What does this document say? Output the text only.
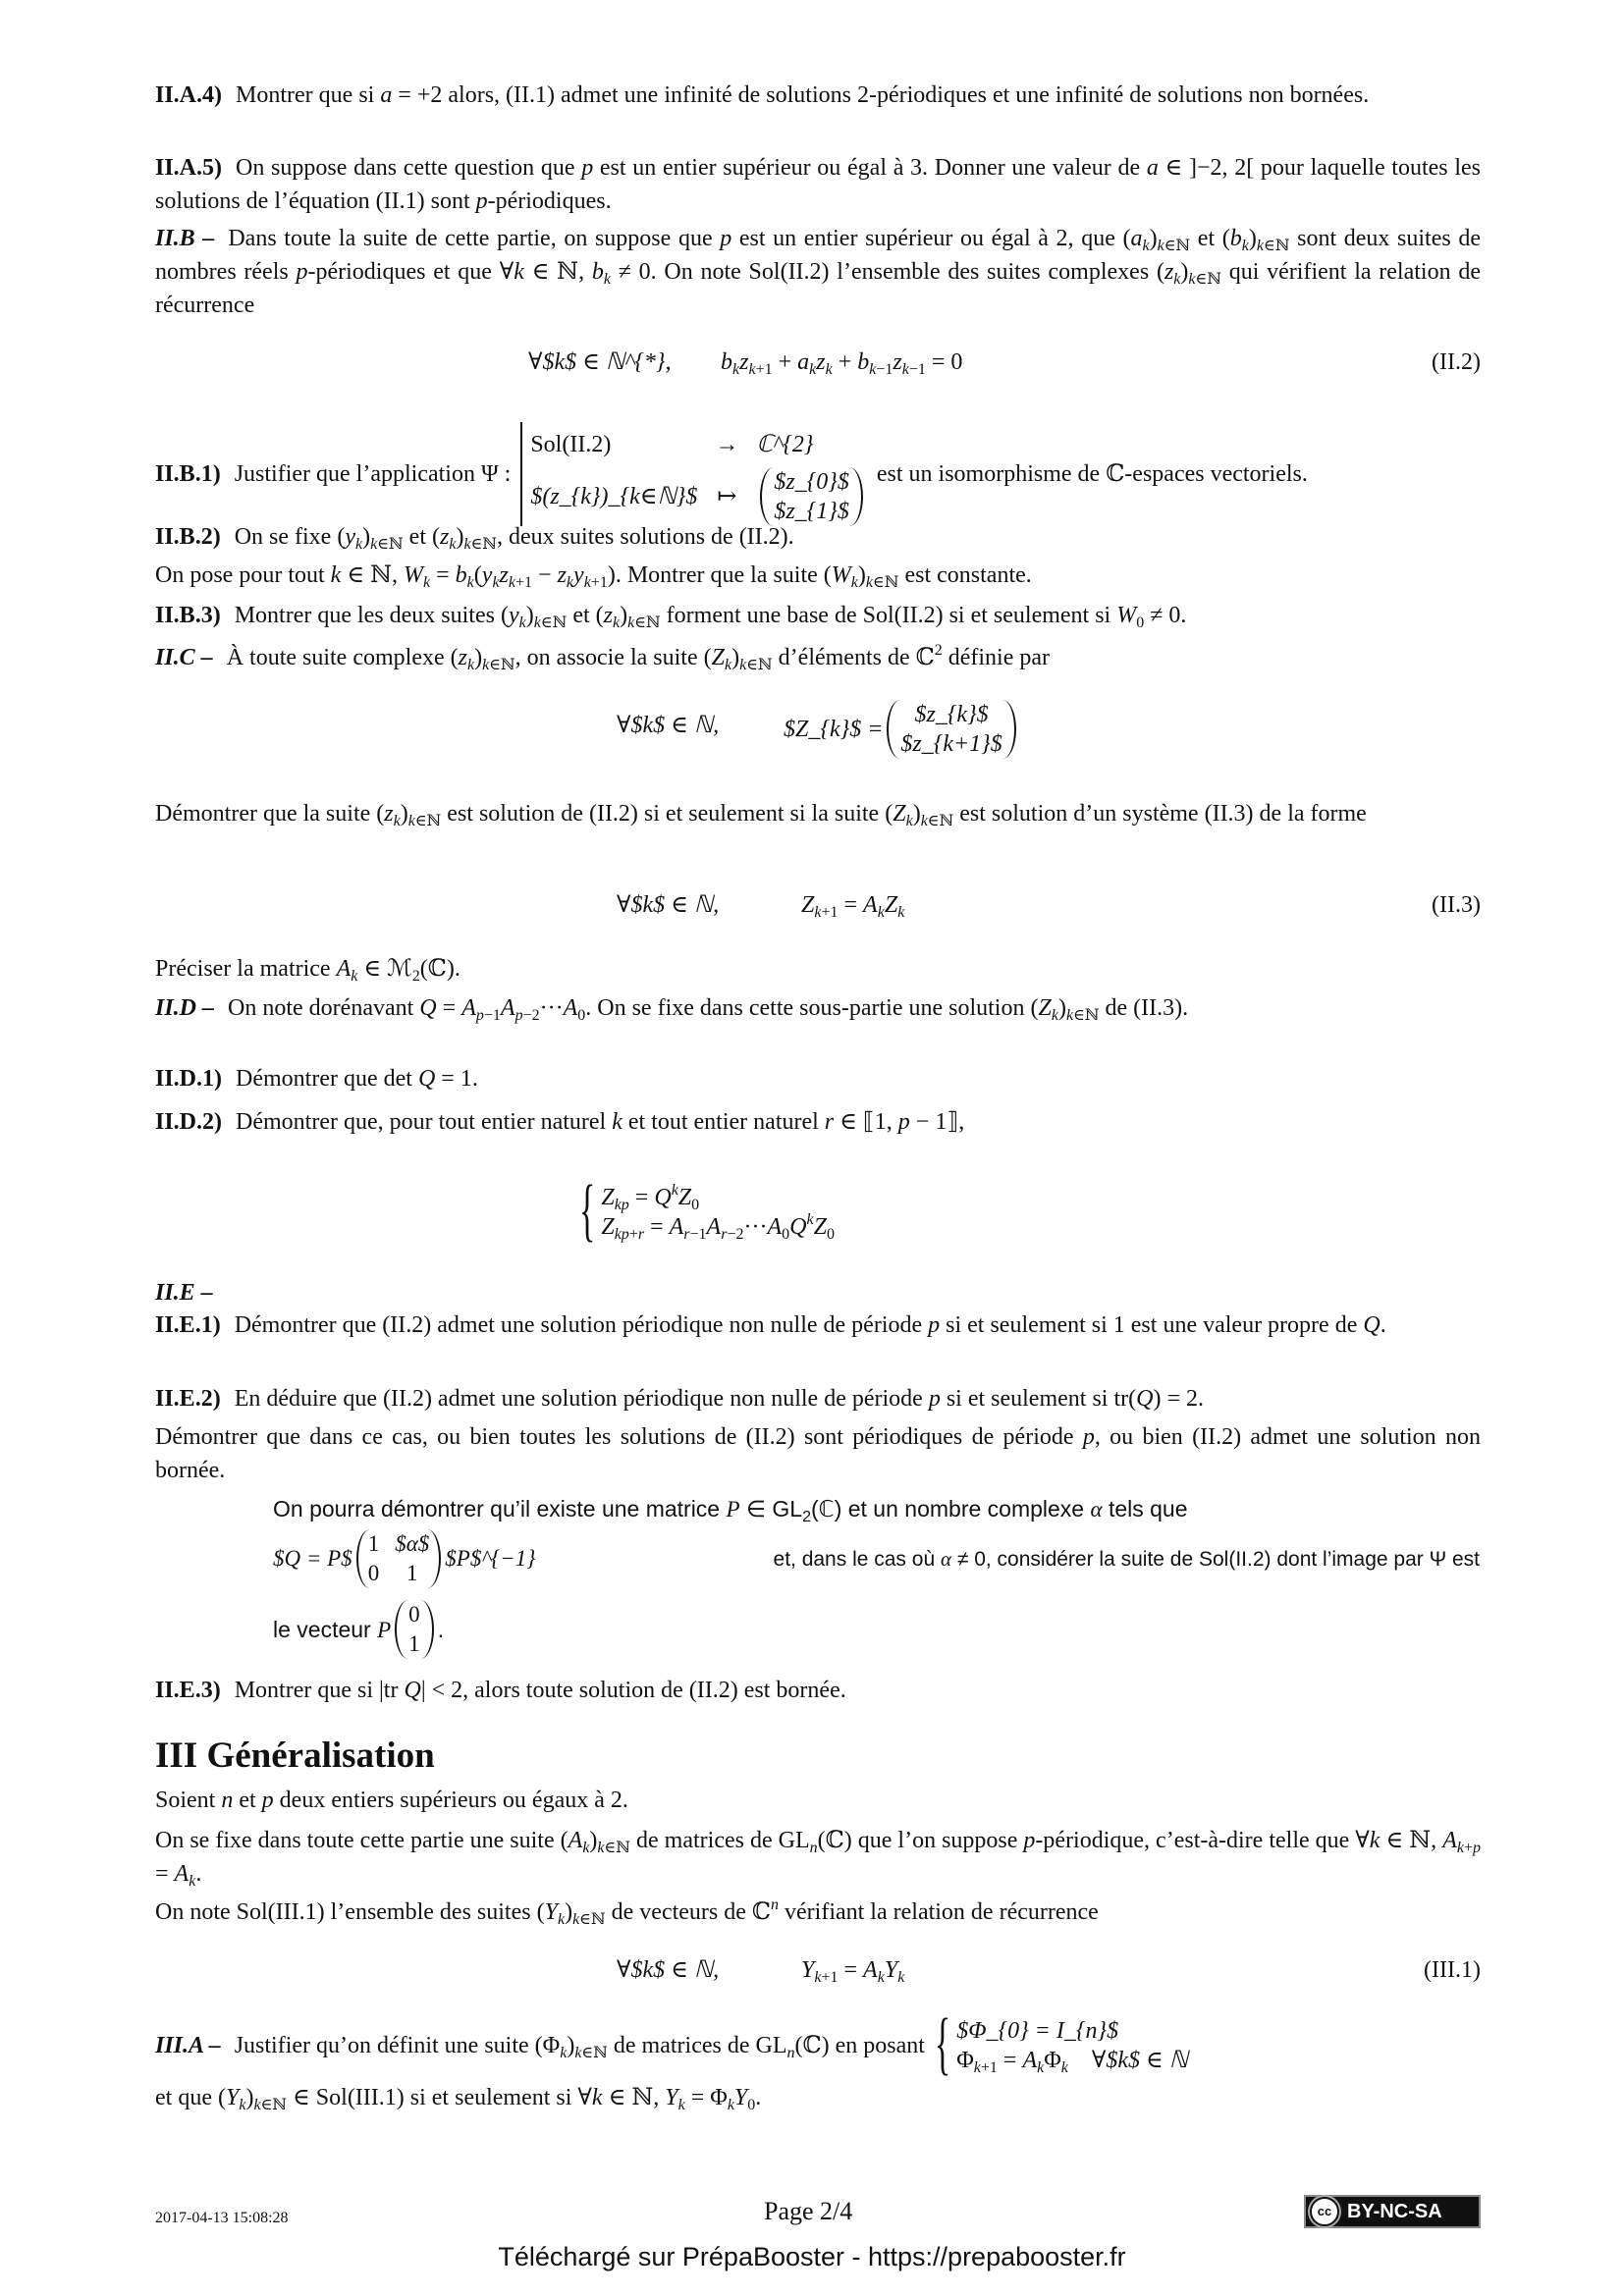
II.A.4) Montrer que si a = +2 alors, (II.1) admet une infinité de solutions 2-périodiques et une infinité de solutions non bornées.
II.A.5) On suppose dans cette question que p est un entier supérieur ou égal à 3. Donner une valeur de a ∈ ]−2, 2[ pour laquelle toutes les solutions de l’équation (II.1) sont p-périodiques.
II.B – Dans toute la suite de cette partie, on suppose que p est un entier supérieur ou égal à 2, que $(a_k)_{k\in ℕ}$ et $(b_k)_{k\in ℕ}$ sont deux suites de nombres réels p-périodiques et que ∀k ∈ ℕ, $b_k \ne 0$. On note Sol(II.2) l’ensemble des suites complexes $(z_k)_{k\in ℕ}$ qui vérifient la relation de récurrence
∀$k$ ∈ ℕ^{*}, $b_kz_{k+1} + a_kz_k + b_{k-1}z_{k-1} = 0$	(II.2)
II.B.1) Justifier que l’application Ψ :
Sol(II.2)	→ ℂ^{2}
$(z_{k})_{k∈ℕ}$ ↦
$z_{0}$
$z_{1}$
est un isomorphisme de ℂ-espaces vectoriels.
II.B.2) On se fixe $(y_k)_{k\in ℕ}$ et $(z_k)_{k\in ℕ}$, deux suites solutions de (II.2).
On pose pour tout k ∈ ℕ, $W_k = b_k(y_kz_{k+1} - z_ky_{k+1})$. Montrer que la suite $(W_k)_{k\in ℕ}$ est constante.
II.B.3) Montrer que les deux suites $(y_k)_{k\in ℕ}$ et $(z_k)_{k\in ℕ}$ forment une base de Sol(II.2) si et seulement si $W_0 \ne 0$.
II.C – À toute suite complexe $(z_k)_{k\in ℕ}$, on associe la suite $(Z_k)_{k\in ℕ}$ d’éléments de ℂ$^2$ définie par
∀$k$ ∈ ℕ,	$Z_{k}$ =
$z_{k}$
$z_{k+1}$
Démontrer que la suite $(z_k)_{k\in ℕ}$ est solution de (II.2) si et seulement si la suite $(Z_k)_{k\in ℕ}$ est solution d’un système (II.3) de la forme
∀$k$ ∈ ℕ,	$Z_{k+1} = A_kZ_k$	(II.3)
Préciser la matrice $A_k$ ∈ ℳ$_2$(ℂ).
II.D – On note dorénavant $Q = A_{p-1}A_{p-2}\cdot\cdot\cdot A_0$. On se fixe dans cette sous-partie une solution $(Z_k)_{k\in ℕ}$ de (II.3).
II.D.1) Démontrer que det Q = 1.
II.D.2) Démontrer que, pour tout entier naturel k et tout entier naturel r ∈ ⟦1, p − 1⟧,
{ $Z_{kp} = Q^kZ_0$
$Z_{kp+r} = A_{r-1}A_{r-2}\cdot\cdot\cdot A_0Q^kZ_0$
II.E –
II.E.1) Démontrer que (II.2) admet une solution périodique non nulle de période p si et seulement si 1 est une valeur propre de Q.
II.E.2) En déduire que (II.2) admet une solution périodique non nulle de période p si et seulement si tr(Q) = 2.
Démontrer que dans ce cas, ou bien toutes les solutions de (II.2) sont périodiques de période p, ou bien (II.2) admet une solution non bornée.
On pourra démontrer qu’il existe une matrice P ∈ $GL_2(ℂ)$ et un nombre complexe α tels que
$Q = P$
1 $α$
0	1
$P$^{−1}	et, dans le cas où α ≠ 0, considérer la suite de Sol(II.2) dont l’image par Ψ est
le vecteur P
0
1
.
II.E.3) Montrer que si |tr Q| < 2, alors toute solution de (II.2) est bornée.
III Généralisation
Soient n et p deux entiers supérieurs ou égaux à 2.
On se fixe dans toute cette partie une suite $(A_k)_{k\in ℕ}$ de matrices de $GL_n(ℂ)$ que l’on suppose p-périodique, c’est-à-dire telle que ∀k ∈ ℕ, $A_{k+p} = A_k$.
On note Sol(III.1) l’ensemble des suites $(Y_k)_{k\in ℕ}$ de vecteurs de ℂ$^n$ vérifiant la relation de récurrence
∀$k$ ∈ ℕ,	$Y_{k+1} = A_kY_k$	(III.1)
III.A – Justifier qu’on définit une suite $(\Phi_k)_{k\in ℕ}$ de matrices de $GL_n(ℂ)$ en posant { $Φ_{0} = I_{n}$
$\Phi_{k+1} = A_k\Phi_k$ ∀$k$ ∈ ℕ
et que $(Y_k)_{k\in ℕ}$ ∈ Sol(III.1) si et seulement si ∀k ∈ ℕ, $Y_k = \Phi_kY_0$.
2017-04-13 15:08:28	Page 2/4	cc BY-NC-SA
Téléchargé sur PrépaBooster - https://prepabooster.fr
